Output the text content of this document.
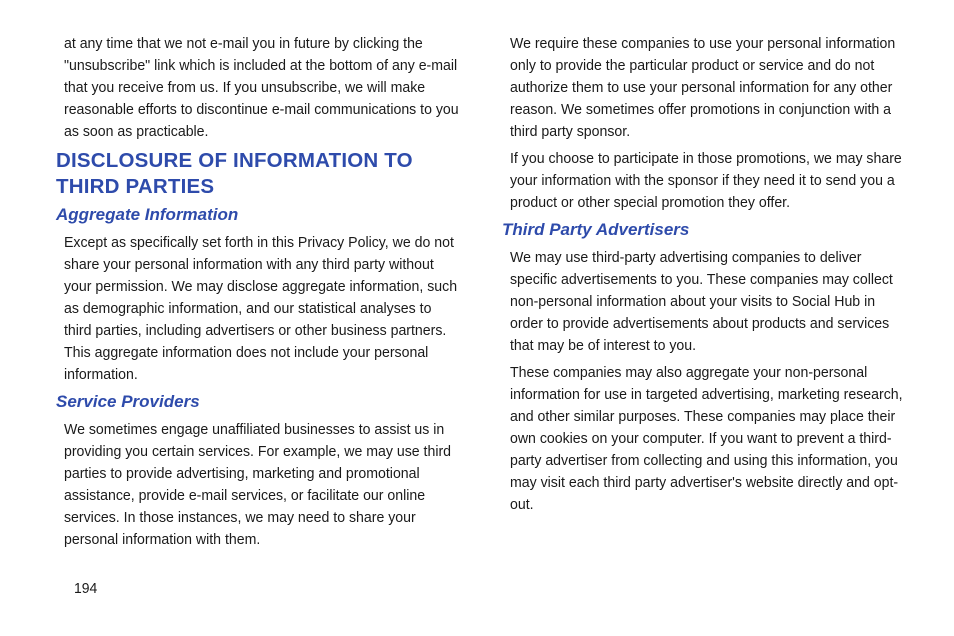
at any time that we not e-mail you in future by clicking the "unsubscribe" link which is included at the bottom of any e-mail that you receive from us. If you unsubscribe, we will make reasonable efforts to discontinue e-mail communications to you as soon as practicable.

DISCLOSURE OF INFORMATION TO THIRD PARTIES
Aggregate Information

Except as specifically set forth in this Privacy Policy, we do not share your personal information with any third party without your permission. We may disclose aggregate information, such as demographic information, and our statistical analyses to third parties, including advertisers or other business partners. This aggregate information does not include your personal information.

Service Providers

We sometimes engage unaffiliated businesses to assist us in providing you certain services. For example, we may use third parties to provide advertising, marketing and promotional assistance, provide e-mail services, or facilitate our online services. In those instances, we may need to share your personal information with them.

We require these companies to use your personal information only to provide the particular product or service and do not authorize them to use your personal information for any other reason. We sometimes offer promotions in conjunction with a third party sponsor.

If you choose to participate in those promotions, we may share your information with the sponsor if they need it to send you a product or other special promotion they offer.

Third Party Advertisers

We may use third-party advertising companies to deliver specific advertisements to you. These companies may collect non-personal information about your visits to Social Hub in order to provide advertisements about products and services that may be of interest to you.

These companies may also aggregate your non-personal information for use in targeted advertising, marketing research, and other similar purposes. These companies may place their own cookies on your computer. If you want to prevent a third-party advertiser from collecting and using this information, you may visit each third party advertiser's website directly and opt-out.

194
